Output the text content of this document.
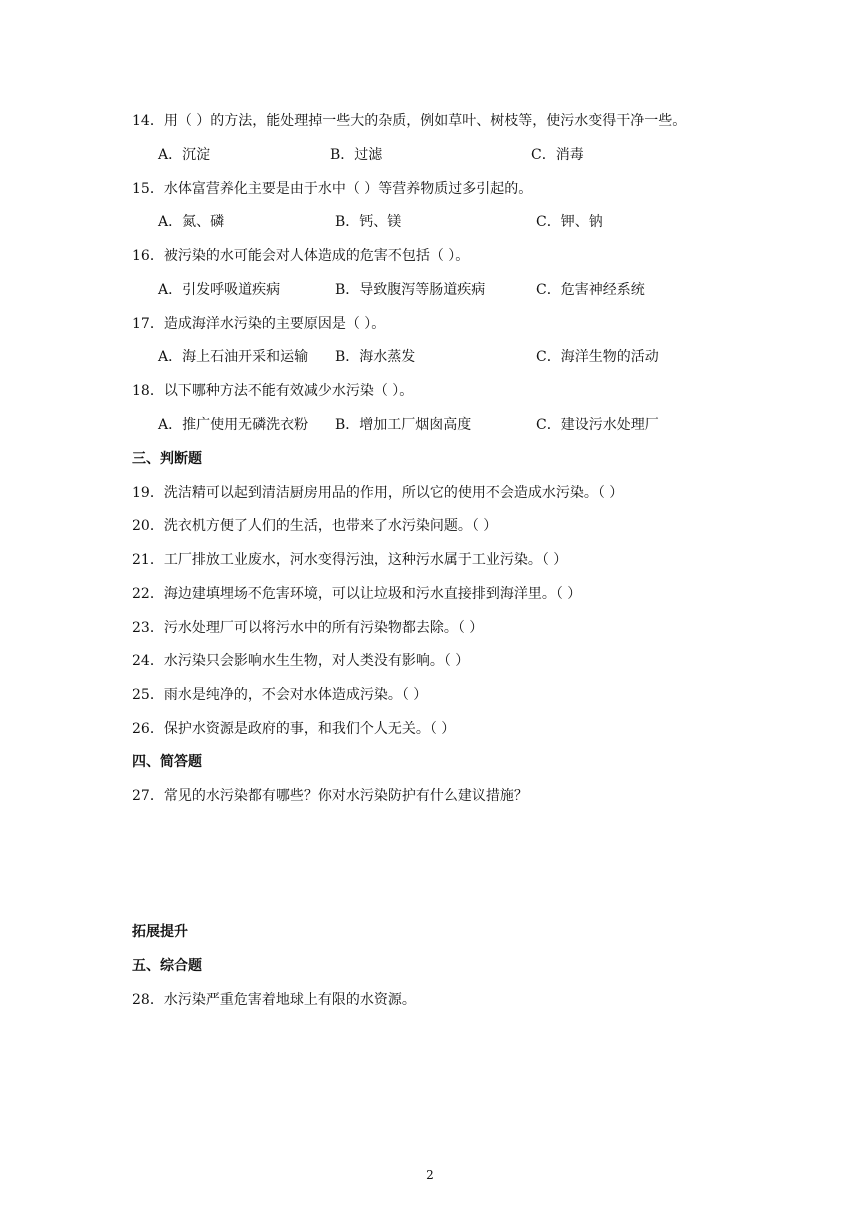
14．用（ ）的方法，能处理掉一些大的杂质，例如草叶、树枝等，使污水变得干净一些。
A．沉淀	B．过滤	C．消毒
15．水体富营养化主要是由于水中（ ）等营养物质过多引起的。
A．氮、磷	B．钙、镁	C．钾、钠
16．被污染的水可能会对人体造成的危害不包括（ ）。
A．引发呼吸道疾病	B．导致腹泻等肠道疾病	C．危害神经系统
17．造成海洋水污染的主要原因是（ ）。
A．海上石油开采和运输 B．海水蒸发	C．海洋生物的活动
18．以下哪种方法不能有效减少水污染（ ）。
A．推广使用无磷洗衣粉 B．增加工厂烟囱高度	C．建设污水处理厂
三、判断题
19．洗洁精可以起到清洁厨房用品的作用，所以它的使用不会造成水污染。（ ）
20．洗衣机方便了人们的生活，也带来了水污染问题。（ ）
21．工厂排放工业废水，河水变得污浊，这种污水属于工业污染。（ ）
22．海边建填埋场不危害环境，可以让垃圾和污水直接排到海洋里。（ ）
23．污水处理厂可以将污水中的所有污染物都去除。（ ）
24．水污染只会影响水生生物，对人类没有影响。（ ）
25．雨水是纯净的，不会对水体造成污染。（ ）
26．保护水资源是政府的事，和我们个人无关。（ ）
四、简答题
27．常见的水污染都有哪些？你对水污染防护有什么建议措施？
拓展提升
五、综合题
28．水污染严重危害着地球上有限的水资源。
2
